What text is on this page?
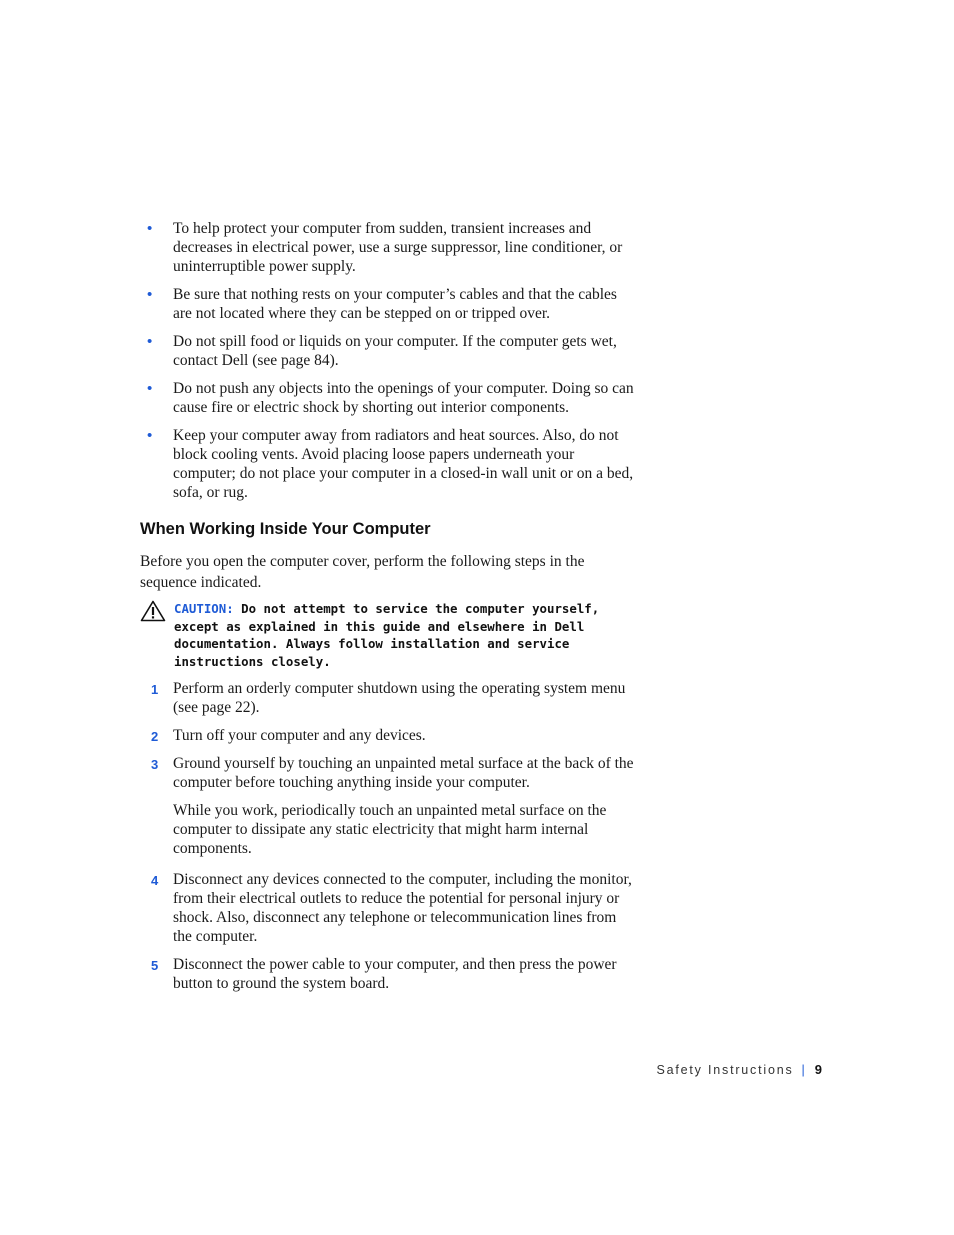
• To help protect your computer from sudden, transient increases and decreases in electrical power, use a surge suppressor, line conditioner, or uninterruptible power supply.
• Be sure that nothing rests on your computer’s cables and that the cables are not located where they can be stepped on or tripped over.
• Do not spill food or liquids on your computer. If the computer gets wet, contact Dell (see page 84).
• Do not push any objects into the openings of your computer. Doing so can cause fire or electric shock by shorting out interior components.
• Keep your computer away from radiators and heat sources. Also, do not block cooling vents. Avoid placing loose papers underneath your computer; do not place your computer in a closed-in wall unit or on a bed, sofa, or rug.
When Working Inside Your Computer

Before you open the computer cover, perform the following steps in the sequence indicated.

CAUTION: Do not attempt to service the computer yourself, except as explained in this guide and elsewhere in Dell documentation. Always follow installation and service instructions closely.
1 Perform an orderly computer shutdown using the operating system menu (see page 22).

2 Turn off your computer and any devices.

3 Ground yourself by touching an unpainted metal surface at the back of the computer before touching anything inside your computer.

While you work, periodically touch an unpainted metal surface on the computer to dissipate any static electricity that might harm internal components.

4 Disconnect any devices connected to the computer, including the monitor, from their electrical outlets to reduce the potential for personal injury or shock. Also, disconnect any telephone or telecommunication lines from the computer.

5 Disconnect the power cable to your computer, and then press the power button to ground the system board.

Safety Instructions | 9
